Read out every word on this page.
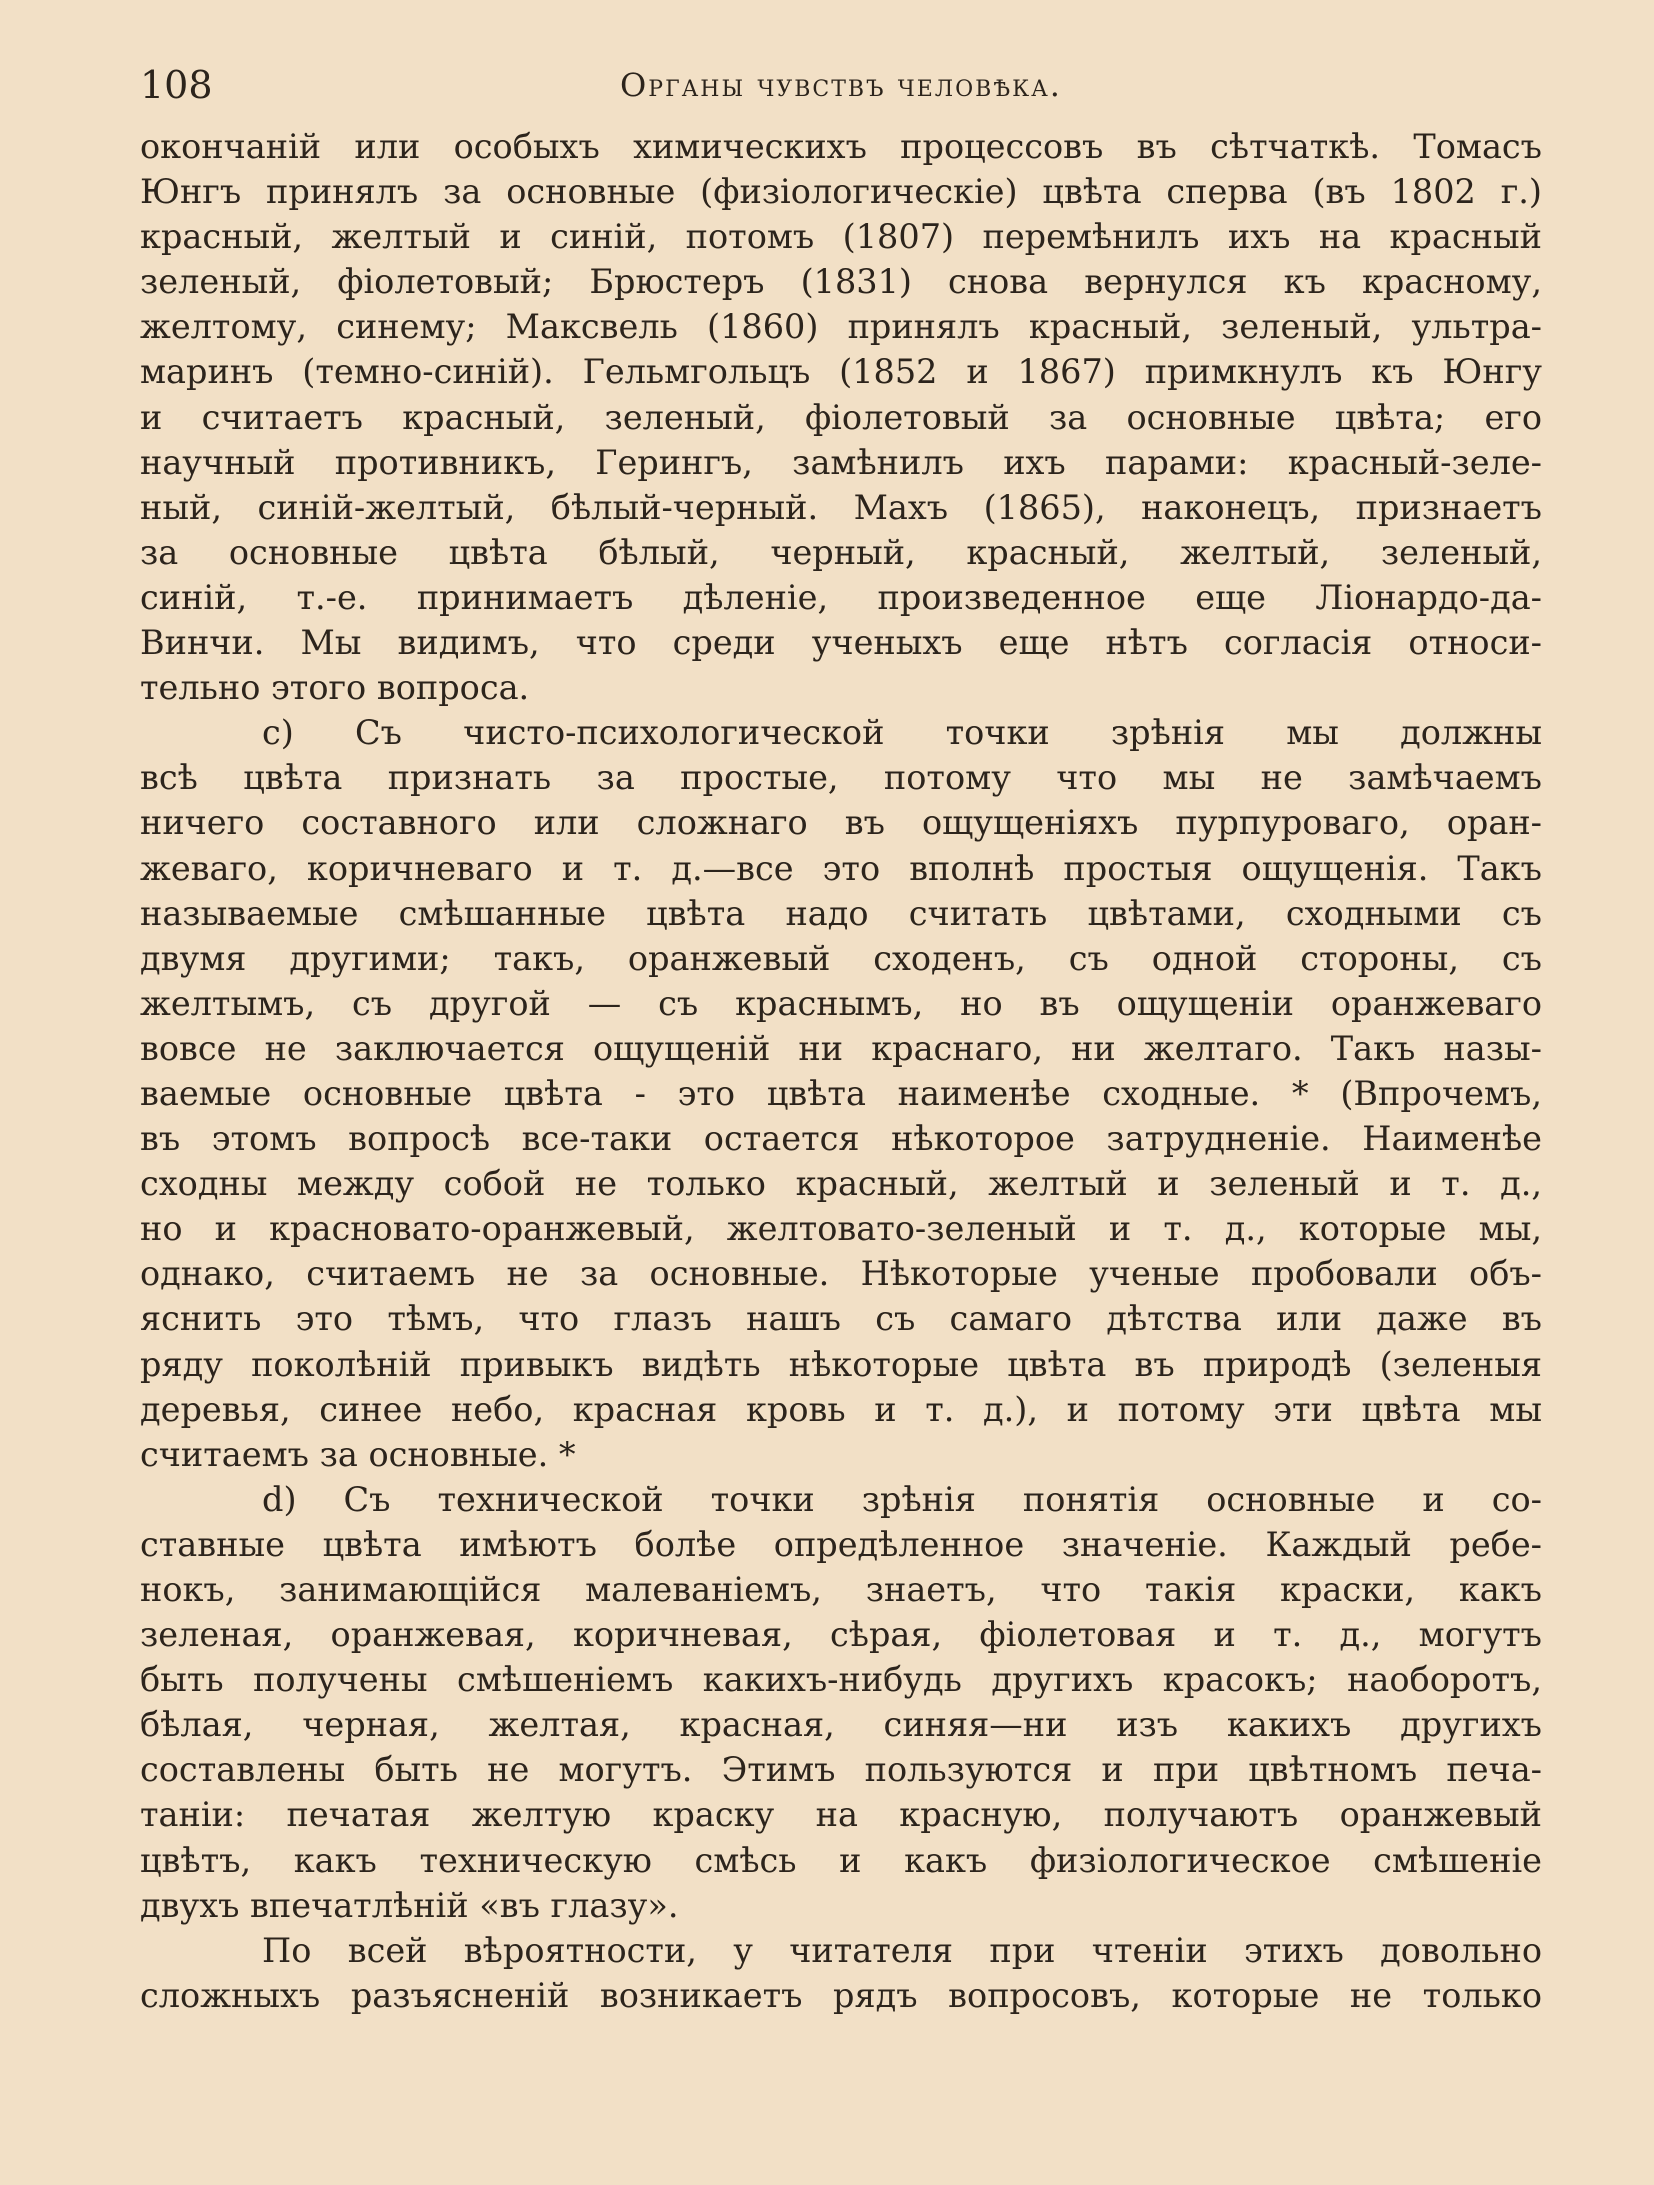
108	Органы чувствъ человѣка.
окончаній или особыхъ химическихъ процессовъ въ сѣтчаткѣ. Томасъ
Юнгъ принялъ за основные (физіологическіе) цвѣта сперва (въ 1802 г.)
красный, желтый и синій, потомъ (1807) перемѣнилъ ихъ на красный
зеленый, фіолетовый; Брюстеръ (1831) снова вернулся къ красному,
желтому, синему; Максвель (1860) принялъ красный, зеленый, ультра-
маринъ (темно-синій). Гельмгольцъ (1852 и 1867) примкнулъ къ Юнгу
и считаетъ красный, зеленый, фіолетовый за основные цвѣта; его
научный противникъ, Герингъ, замѣнилъ ихъ парами: красный-зеле-
ный, синій-желтый, бѣлый-черный. Махъ (1865), наконецъ, признаетъ
за основные цвѣта бѣлый, черный, красный, желтый, зеленый,
синій, т.-е. принимаетъ дѣленіе, произведенное еще Ліонардо-да-
Винчи. Мы видимъ, что среди ученыхъ еще нѣтъ согласія относи-
тельно этого вопроса.
c) Съ чисто-психологической точки зрѣнія мы должны
всѣ цвѣта признать за простые, потому что мы не замѣчаемъ
ничего составного или сложнаго въ ощущеніяхъ пурпуроваго, оран-
жеваго, коричневаго и т. д.—все это вполнѣ простыя ощущенія. Такъ
называемые смѣшанные цвѣта надо считать цвѣтами, сходными съ
двумя другими; такъ, оранжевый сходенъ, съ одной стороны, съ
желтымъ, съ другой — съ краснымъ, но въ ощущеніи оранжеваго
вовсе не заключается ощущеній ни краснаго, ни желтаго. Такъ назы-
ваемые основные цвѣта - это цвѣта наименѣе сходные. * (Впрочемъ,
въ этомъ вопросѣ все-таки остается нѣкоторое затрудненіе. Наименѣе
сходны между собой не только красный, желтый и зеленый и т. д.,
но и красновато-оранжевый, желтовато-зеленый и т. д., которые мы,
однако, считаемъ не за основные. Нѣкоторые ученые пробовали объ-
яснить это тѣмъ, что глазъ нашъ съ самаго дѣтства или даже въ
ряду поколѣній привыкъ видѣть нѣкоторые цвѣта въ природѣ (зеленыя
деревья, синее небо, красная кровь и т. д.), и потому эти цвѣта мы
считаемъ за основные. *
d) Съ технической точки зрѣнія понятія основные и со-
ставные цвѣта имѣютъ болѣе опредѣленное значеніе. Каждый ребе-
нокъ, занимающійся малеваніемъ, знаетъ, что такія краски, какъ
зеленая, оранжевая, коричневая, сѣрая, фіолетовая и т. д., могутъ
быть получены смѣшеніемъ какихъ-нибудь другихъ красокъ; наоборотъ,
бѣлая, черная, желтая, красная, синяя—ни изъ какихъ другихъ
составлены быть не могутъ. Этимъ пользуются и при цвѣтномъ печа-
таніи: печатая желтую краску на красную, получаютъ оранжевый
цвѣтъ, какъ техническую смѣсь и какъ физіологическое смѣшеніе
двухъ впечатлѣній «въ глазу».
По всей вѣроятности, у читателя при чтеніи этихъ довольно
сложныхъ разъясненій возникаетъ рядъ вопросовъ, которые не только
